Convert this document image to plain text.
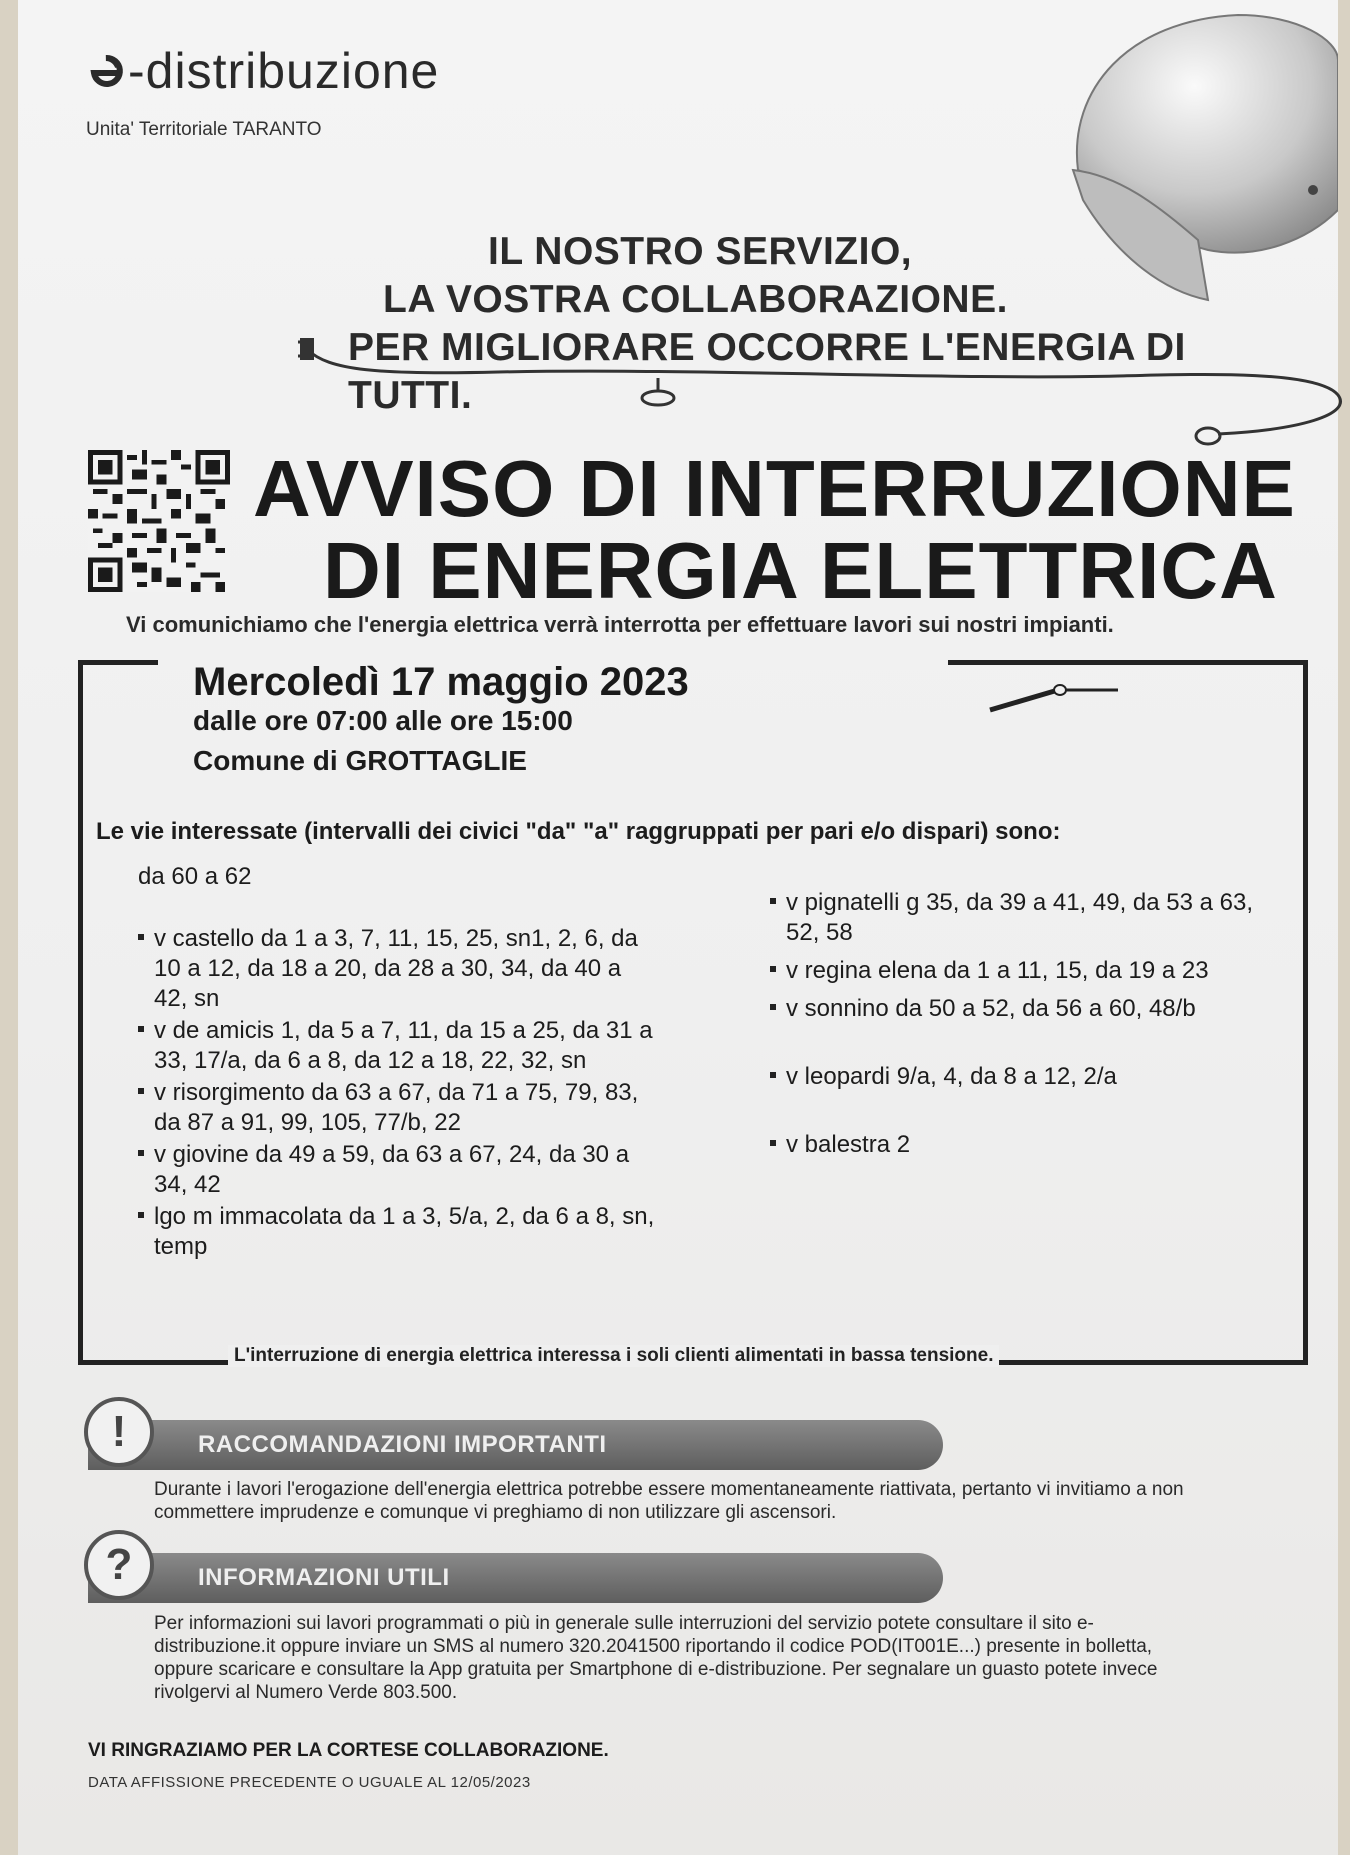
-distribuzione
Unita' Territoriale TARANTO
IL NOSTRO SERVIZIO,
LA VOSTRA COLLABORAZIONE.
PER MIGLIORARE OCCORRE L'ENERGIA DI TUTTI.
AVVISO DI INTERRUZIONE
DI ENERGIA ELETTRICA
Vi comunichiamo che l'energia elettrica verrà interrotta per effettuare lavori sui nostri impianti.
Mercoledì 17 maggio 2023
dalle ore 07:00 alle ore 15:00
Comune di GROTTAGLIE
Le vie interessate (intervalli dei civici "da" "a" raggruppati per pari e/o dispari) sono:
da 60 a 62
v castello da 1 a 3, 7, 11, 15, 25, sn1, 2, 6, da 10 a 12, da 18 a 20, da 28 a 30, 34, da 40 a 42, sn
v de amicis 1, da 5 a 7, 11, da 15 a 25, da 31 a 33, 17/a, da 6 a 8, da 12 a 18, 22, 32, sn
v risorgimento da 63 a 67, da 71 a 75, 79, 83, da 87 a 91, 99, 105, 77/b, 22
v giovine da 49 a 59, da 63 a 67, 24, da 30 a 34, 42
lgo m immacolata da 1 a 3, 5/a, 2, da 6 a 8, sn, temp
v pignatelli g 35, da 39 a 41, 49, da 53 a 63, 52, 58
v regina elena da 1 a 11, 15, da 19 a 23
v sonnino da 50 a 52, da 56 a 60, 48/b
v leopardi 9/a, 4, da 8 a 12, 2/a
v balestra 2
L'interruzione di energia elettrica interessa i soli clienti alimentati in bassa tensione.
RACCOMANDAZIONI IMPORTANTI
!
Durante i lavori l'erogazione dell'energia elettrica potrebbe essere momentaneamente riattivata, pertanto vi invitiamo a non commettere imprudenze e comunque vi preghiamo di non utilizzare gli ascensori.
INFORMAZIONI UTILI
?
Per informazioni sui lavori programmati o più in generale sulle interruzioni del servizio potete consultare il sito e-distribuzione.it oppure inviare un SMS al numero 320.2041500 riportando il codice POD(IT001E...) presente in bolletta, oppure scaricare e consultare la App gratuita per Smartphone di e-distribuzione. Per segnalare un guasto potete invece rivolgervi al Numero Verde 803.500.
VI RINGRAZIAMO PER LA CORTESE COLLABORAZIONE.
DATA AFFISSIONE PRECEDENTE O UGUALE AL 12/05/2023
